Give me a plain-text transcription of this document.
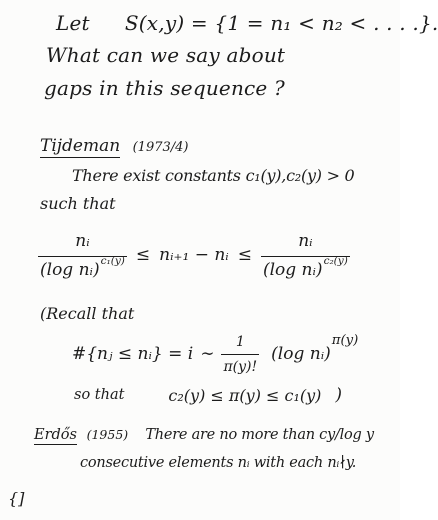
Let S(x,y) = {1 = n₁ < n₂ < . . . .}.
What can we say about
gaps in this sequence ?
Tijdeman (1973/4)
There exist constants c₁(y),c₂(y) > 0
such that
$\frac{\text{nᵢ}}{\text{(log nᵢ) c₁(y)}}$ ≤ nᵢ₊₁ − nᵢ ≤ $\frac{\text{nᵢ}}{\text{(log nᵢ) c₂(y)}}$
(Recall that
#{nⱼ ≤ nᵢ} = i ∼ $\frac{1}{\pi(y)!} (\log$ nᵢ)
π(y)
so that	c₂(y) ≤ π(y) ≤ c₁(y) )
Erdős (1955) There are no more than cy/log y
consecutive elements nᵢ with each nᵢ∤y.
{]
